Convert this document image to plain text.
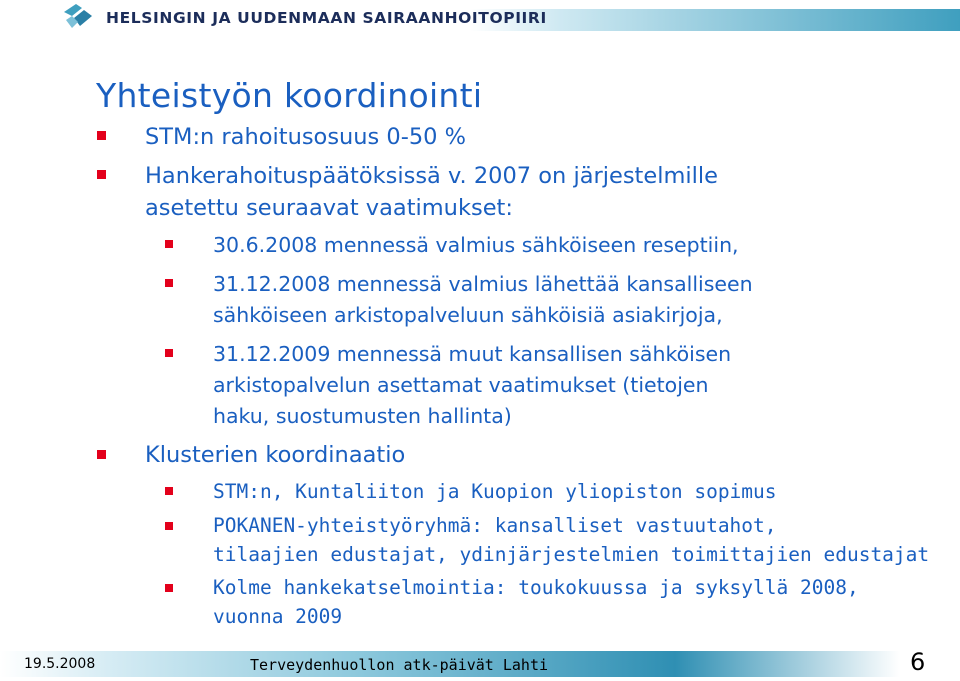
HELSINGIN JA UUDENMAAN SAIRAANHOITOPIIRI
Yhteistyön koordinointi
STM:n rahoitusosuus 0-50 %
Hankerahoituspäätöksissä v. 2007 on järjestelmille
asetettu seuraavat vaatimukset:
30.6.2008 mennessä valmius sähköiseen reseptiin,
31.12.2008 mennessä valmius lähettää kansalliseen
sähköiseen arkistopalveluun sähköisiä asiakirjoja,
31.12.2009 mennessä muut kansallisen sähköisen
arkistopalvelun asettamat vaatimukset (tietojen
haku, suostumusten hallinta)
Klusterien koordinaatio
STM:n, Kuntaliiton ja Kuopion yliopiston sopimus
POKANEN-yhteistyöryhmä: kansalliset vastuutahot,
tilaajien edustajat, ydinjärjestelmien toimittajien edustajat
Kolme hankekatselmointia: toukokuussa ja syksyllä 2008,
vuonna 2009
19.5.2008	Terveydenhuollon atk-päivät Lahti	6
